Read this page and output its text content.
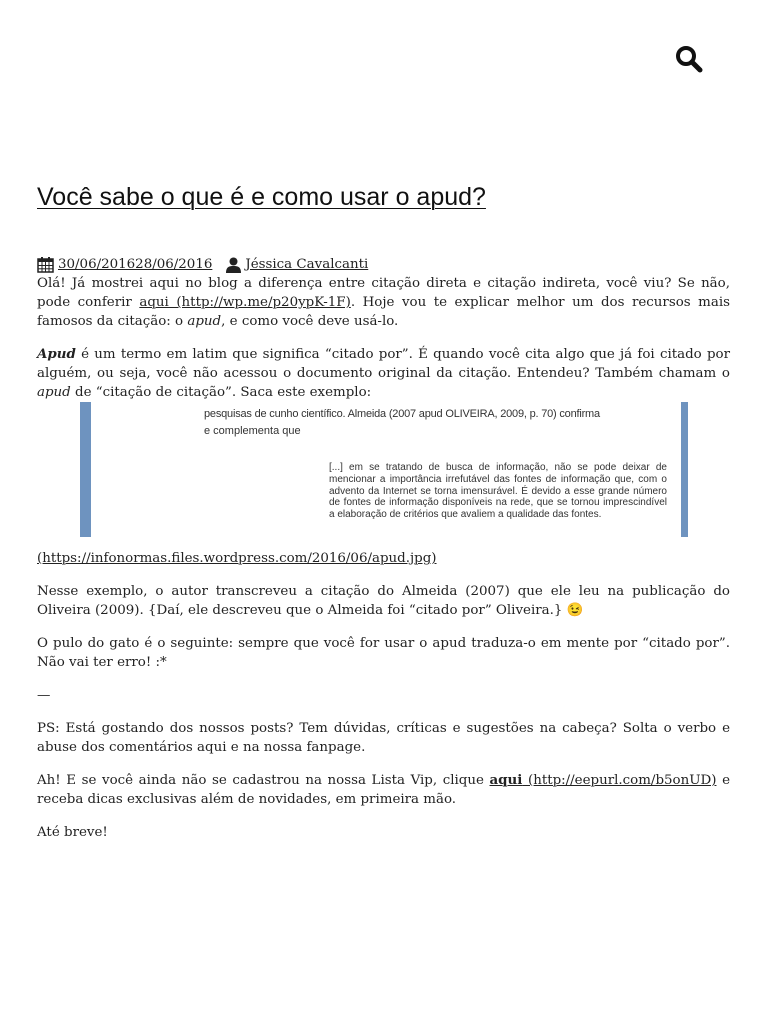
Você sabe o que é e como usar o apud?
30/06/201628/06/2016 Jéssica Cavalcanti

Olá! Já mostrei aqui no blog a diferença entre citação direta e citação indireta, você viu? Se não, pode conferir aqui (http://wp.me/p20ypK-1F). Hoje vou te explicar melhor um dos recursos mais famosos da citação: o apud, e como você deve usá-lo.

Apud é um termo em latim que significa “citado por”. É quando você cita algo que já foi citado por alguém, ou seja, você não acessou o documento original da citação. Entendeu? Também chamam o apud de “citação de citação”. Saca este exemplo:

pesquisas de cunho científico. Almeida (2007 apud OLIVEIRA, 2009, p. 70) confirma
e complementa que
[...] em se tratando de busca de informação, não se pode deixar de mencionar a importância irrefutável das fontes de informação que, com o advento da Internet se torna imensurável. É devido a esse grande número de fontes de informação disponíveis na rede, que se tornou imprescindível a elaboração de critérios que avaliem a qualidade das fontes.

(https://infonormas.files.wordpress.com/2016/06/apud.jpg)

Nesse exemplo, o autor transcreveu a citação do Almeida (2007) que ele leu na publicação do Oliveira (2009). {Daí, ele descreveu que o Almeida foi “citado por” Oliveira.} 😉

O pulo do gato é o seguinte: sempre que você for usar o apud traduza-o em mente por “citado por”. Não vai ter erro! :*

—

PS: Está gostando dos nossos posts? Tem dúvidas, críticas e sugestões na cabeça? Solta o verbo e abuse dos comentários aqui e na nossa fanpage.

Ah! E se você ainda não se cadastrou na nossa Lista Vip, clique aqui (http://eepurl.com/b5onUD) e receba dicas exclusivas além de novidades, em primeira mão.

Até breve!
